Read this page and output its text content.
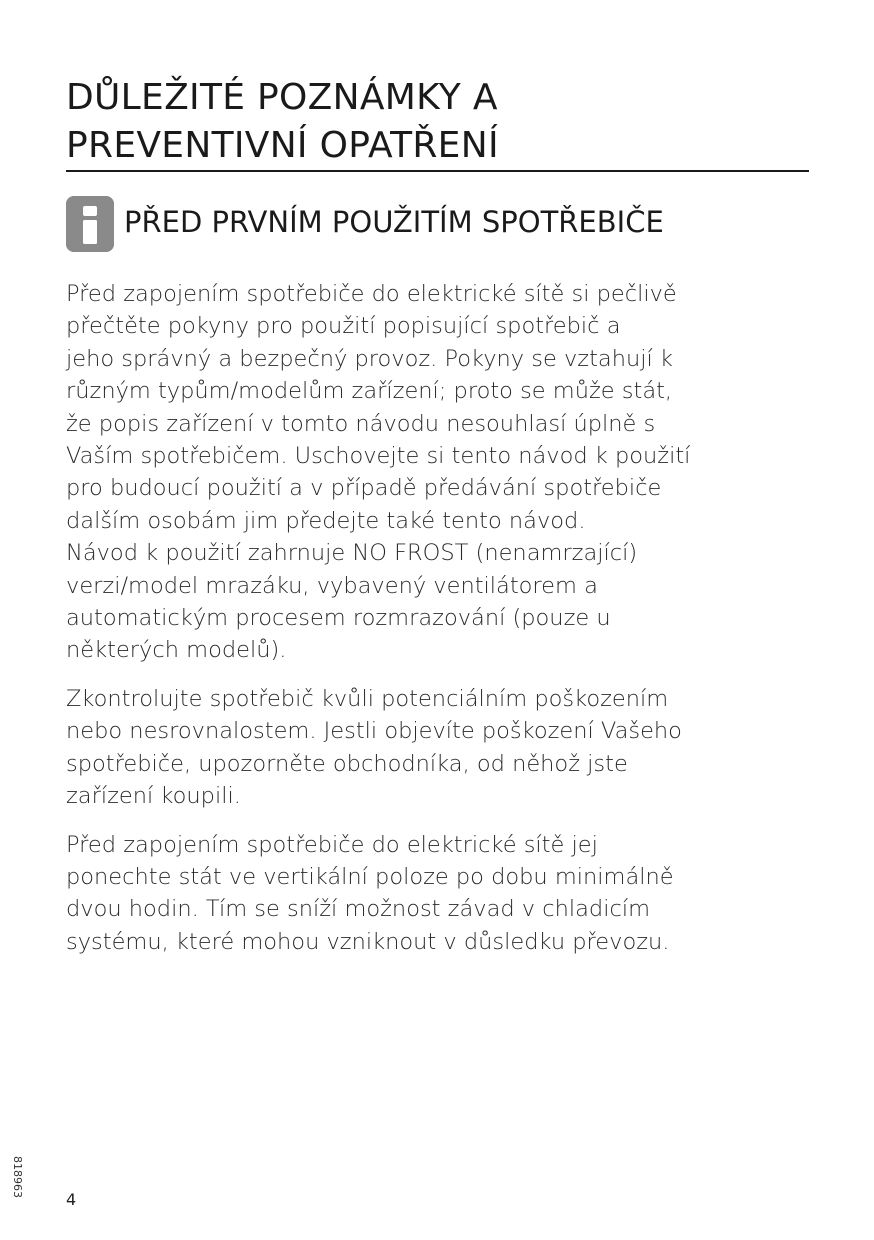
DŮLEŽITÉ POZNÁMKY A
PREVENTIVNÍ OPATŘENÍ
PŘED PRVNÍM POUŽITÍM SPOTŘEBIČE

Před zapojením spotřebiče do elektrické sítě si pečlivě
přečtěte pokyny pro použití popisující spotřebič a
jeho správný a bezpečný provoz. Pokyny se vztahují k
různým typům/modelům zařízení; proto se může stát,
že popis zařízení v tomto návodu nesouhlasí úplně s
Vaším spotřebičem. Uschovejte si tento návod k použití
pro budoucí použití a v případě předávání spotřebiče
dalším osobám jim předejte také tento návod.
Návod k použití zahrnuje NO FROST (nenamrzající)
verzi/model mrazáku, vybavený ventilátorem a
automatickým procesem rozmrazování (pouze u
některých modelů).

Zkontrolujte spotřebič kvůli potenciálním poškozením
nebo nesrovnalostem. Jestli objevíte poškození Vašeho
spotřebiče, upozorněte obchodníka, od něhož jste
zařízení koupili.

Před zapojením spotřebiče do elektrické sítě jej
ponechte stát ve vertikální poloze po dobu minimálně
dvou hodin. Tím se sníží možnost závad v chladicím
systému, které mohou vzniknout v důsledku převozu.

818963
4
